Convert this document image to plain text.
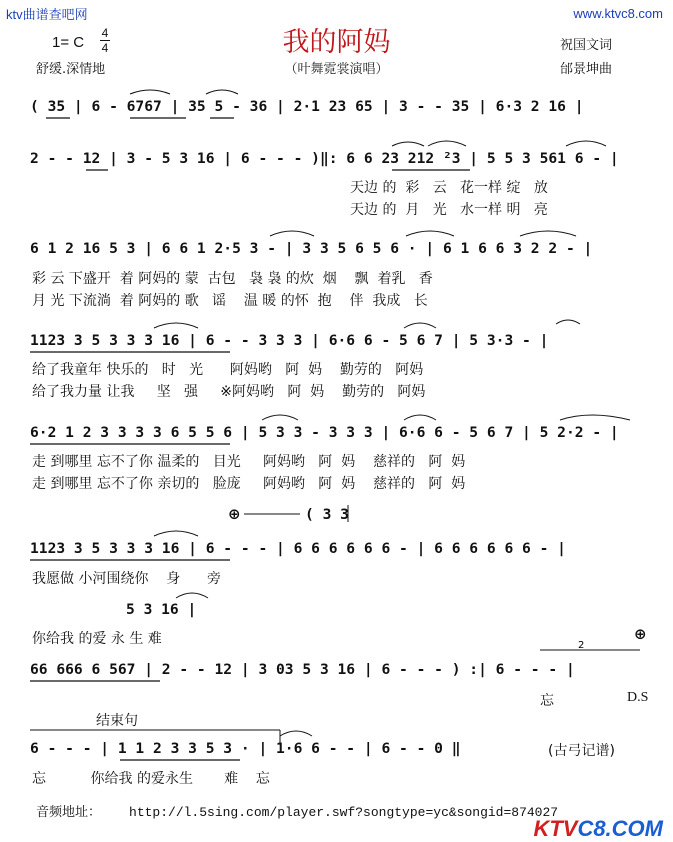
ktv曲谱查吧网	www.ktvc8.com
我的阿妈
（叶舞霓裳演唱）
1= C
4
4
舒缓.深情地
祝国文词
邰景坤曲
( 35 | 6 - 6767 | 35 5 - 36 | 2·1 23 65 | 3 - - 35 | 6·3 2 16 |
2 - - 12 | 3 - 5 3 16 | 6 - - - )‖: 6 6 23 212 ²3 | 5 5 3 561 6 - |
天边 的  彩   云   花一样 绽   放
天边 的  月   光   水一样 明   亮
6 1 2 16 5 3 | 6 6 1 2·5 3 - | 3 3 5 6 5 6 · | 6 1 6 6 3 2 2 - |
彩 云 下盛开  着 阿妈的 蒙  古包   袅 袅 的炊  烟    飘  着乳   香
月 光 下流淌  着 阿妈的 歌   谣    温 暖 的怀  抱    伴  我成   长
1123 3 5 3 3 3 16 | 6 - - 3 3 3 | 6·6 6 - 5 6 7 | 5 3·3 - |
给了我童年 快乐的   时   光      阿妈哟   阿  妈    勤劳的   阿妈
给了我力量 让我     坚   强     ※阿妈哟   阿  妈    勤劳的   阿妈
6·2 1 2 3 3 3 3 6 5 5 6 | 5 3 3 - 3 3 3 | 6·6 6 - 5 6 7 | 5 2·2 - |
走 到哪里 忘不了你 温柔的   目光     阿妈哟   阿  妈    慈祥的   阿  妈
走 到哪里 忘不了你 亲切的   脸庞     阿妈哟   阿  妈    慈祥的   阿  妈
⊕	( 3 3
1123 3 5 3 3 3 16 | 6 - - - | 6 6 6 6 6 6 - | 6 6 6 6 6 6 - |
我愿做 小河围绕你    身      旁
5 3 16 |
你给我 的爱 永 生 难	⊕
66 666 6 567 | 2 - - 12 | 3 03 5 3 16 | 6 - - - ) :| 6 - - - |
忘	D.S
结束句
6 - - - | 1 1 2 3 3 5 3 · | 1·6 6 - - | 6 - - 0 ‖
忘          你给我 的爱永生       难    忘
(古弓记谱)
音频地址： http://l.5sing.com/player.swf?songtype=yc&songid=874027
KTVC8.COM
2
